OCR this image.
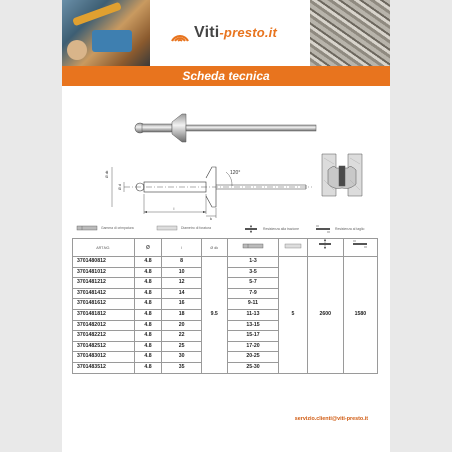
Viti-presto.it
Scheda tecnica
l
k
120°
Ø dk
Ø d
Gamma di crimpatura	Diametro di foratura	Resistenza alla trazione	Resistenza al taglio
ART.NO.	Ø	l	Ø dk				
3701480812	4.8	8	9.5	1-3	5	2600	1580
3701481012	4.8	10		3-5			
3701481212	4.8	12		5-7			
3701481412	4.8	14		7-9			
3701481612	4.8	16		9-11			
3701481812	4.8	18		11-13			
3701482012	4.8	20		13-15			
3701482212	4.8	22		15-17			
3701482512	4.8	25		17-20			
3701483012	4.8	30		20-25			
3701483512	4.8	35		25-30			
servizio.clienti@viti-presto.it
